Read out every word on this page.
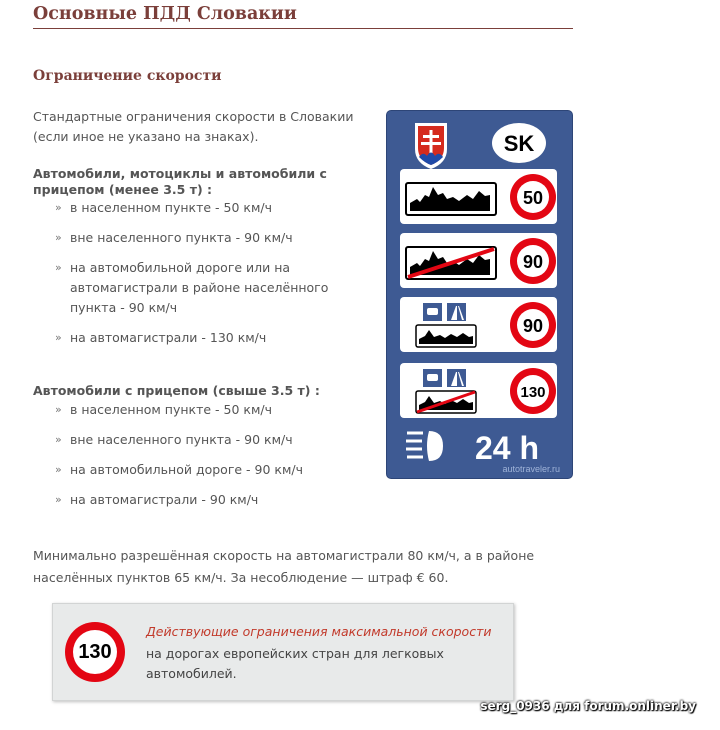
Основные ПДД Словакии
Ограничение скорости
Стандартные ограничения скорости в Словакии (если иное не указано на знаках).
Автомобили, мотоциклы и автомобили с прицепом (менее 3.5 т) :
» в населенном пункте - 50 км/ч
» вне населенного пункта - 90 км/ч
» на автомобильной дороге или на автомагистрали в районе населённого пункта - 90 км/ч
» на автомагистрали - 130 км/ч
Автомобили с прицепом (свыше 3.5 т) :
» в населенном пункте - 50 км/ч
» вне населенного пункта - 90 км/ч
» на автомобильной дороге - 90 км/ч
» на автомагистрали - 90 км/ч
SK
50
90
90
130
24 h
autotraveler.ru
Минимально разрешённая скорость на автомагистрали 80 км/ч, а в районе населённых пунктов 65 км/ч. За несоблюдение — штраф € 60.
130
Действующие ограничения максимальной скорости
на дорогах европейских стран для легковых автомобилей.
serg_0936 для forum.onliner.by
